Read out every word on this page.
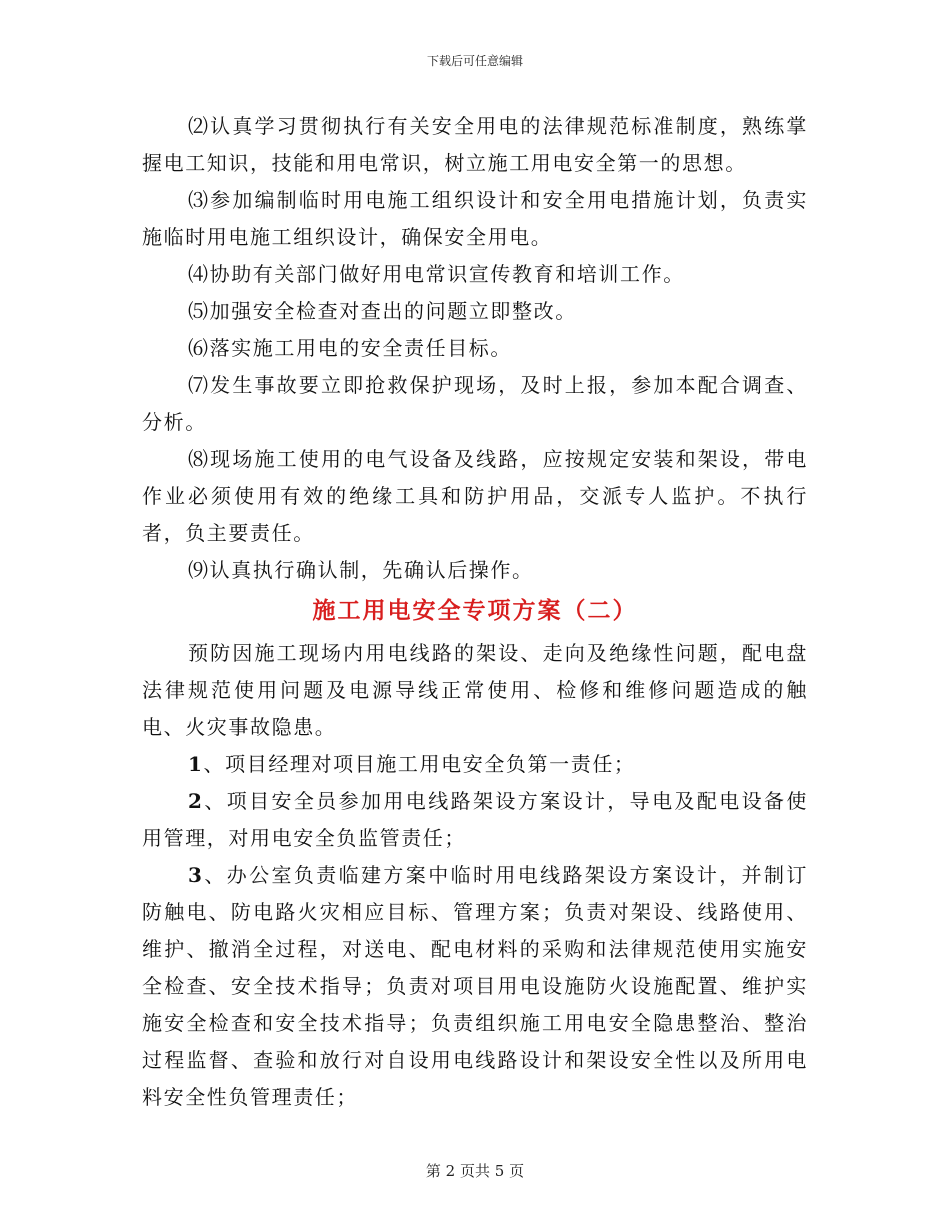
下载后可任意编辑

⑵认真学习贯彻执行有关安全用电的法律规范标准制度，熟练掌握电工知识，技能和用电常识，树立施工用电安全第一的思想。

⑶参加编制临时用电施工组织设计和安全用电措施计划，负责实施临时用电施工组织设计，确保安全用电。

⑷协助有关部门做好用电常识宣传教育和培训工作。

⑸加强安全检查对查出的问题立即整改。

⑹落实施工用电的安全责任目标。

⑺发生事故要立即抢救保护现场，及时上报，参加本配合调查、分析。

⑻现场施工使用的电气设备及线路，应按规定安装和架设，带电作业必须使用有效的绝缘工具和防护用品，交派专人监护。不执行者，负主要责任。

⑼认真执行确认制，先确认后操作。

施工用电安全专项方案（二）

预防因施工现场内用电线路的架设、走向及绝缘性问题，配电盘法律规范使用问题及电源导线正常使用、检修和维修问题造成的触电、火灾事故隐患。

1、项目经理对项目施工用电安全负第一责任；

2、项目安全员参加用电线路架设方案设计，导电及配电设备使用管理，对用电安全负监管责任；

3、办公室负责临建方案中临时用电线路架设方案设计，并制订防触电、防电路火灾相应目标、管理方案；负责对架设、线路使用、维护、撤消全过程，对送电、配电材料的采购和法律规范使用实施安全检查、安全技术指导；负责对项目用电设施防火设施配置、维护实施安全检查和安全技术指导；负责组织施工用电安全隐患整治、整治过程监督、查验和放行对自设用电线路设计和架设安全性以及所用电料安全性负管理责任；

第 2 页共 5 页
